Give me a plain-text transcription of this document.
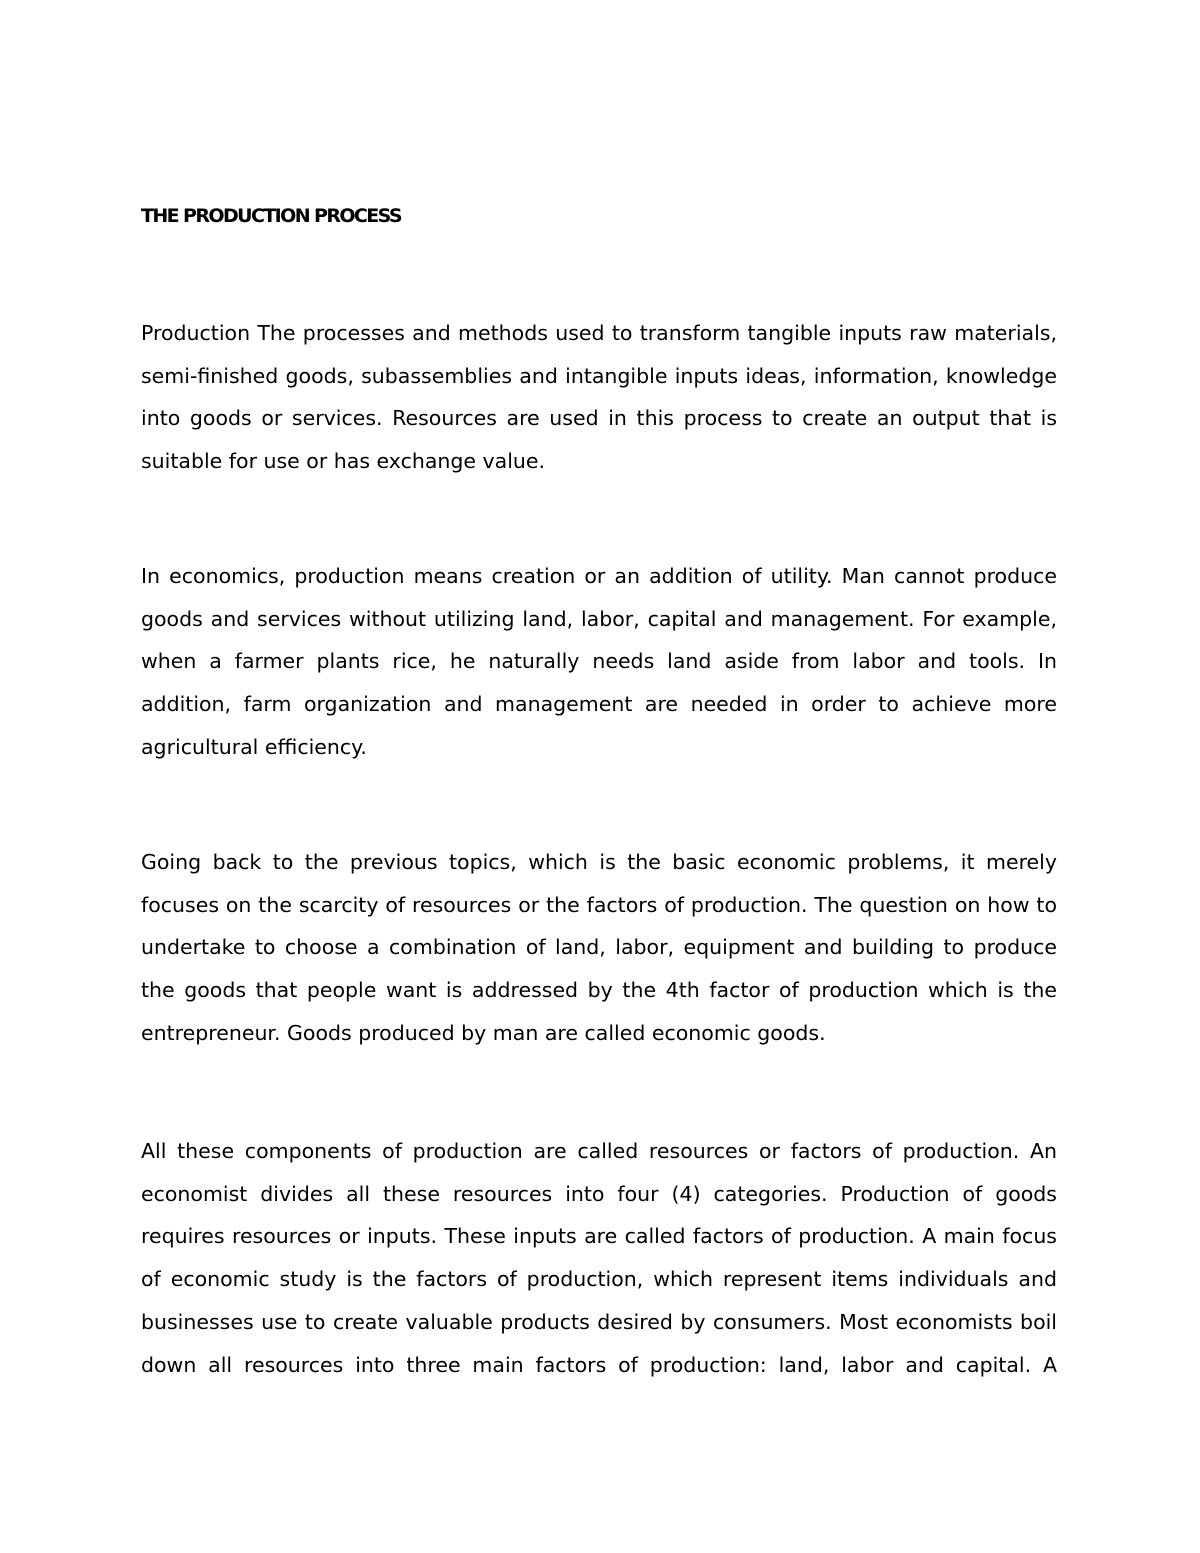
THE PRODUCTION PROCESS

Production The processes and methods used to transform tangible inputs raw materials, semi-finished goods, subassemblies and intangible inputs ideas, information, knowledge into goods or services. Resources are used in this process to create an output that is suitable for use or has exchange value.

In economics, production means creation or an addition of utility. Man cannot produce goods and services without utilizing land, labor, capital and management. For example, when a farmer plants rice, he naturally needs land aside from labor and tools. In addition, farm organization and management are needed in order to achieve more agricultural efficiency.

Going back to the previous topics, which is the basic economic problems, it merely focuses on the scarcity of resources or the factors of production. The question on how to undertake to choose a combination of land, labor, equipment and building to produce the goods that people want is addressed by the 4th factor of production which is the entrepreneur. Goods produced by man are called economic goods.

All these components of production are called resources or factors of production. An economist divides all these resources into four (4) categories. Production of goods requires resources or inputs. These inputs are called factors of production. A main focus of economic study is the factors of production, which represent items individuals and businesses use to create valuable products desired by consumers. Most economists boil down all resources into three main factors of production: land, labor and capital. A
